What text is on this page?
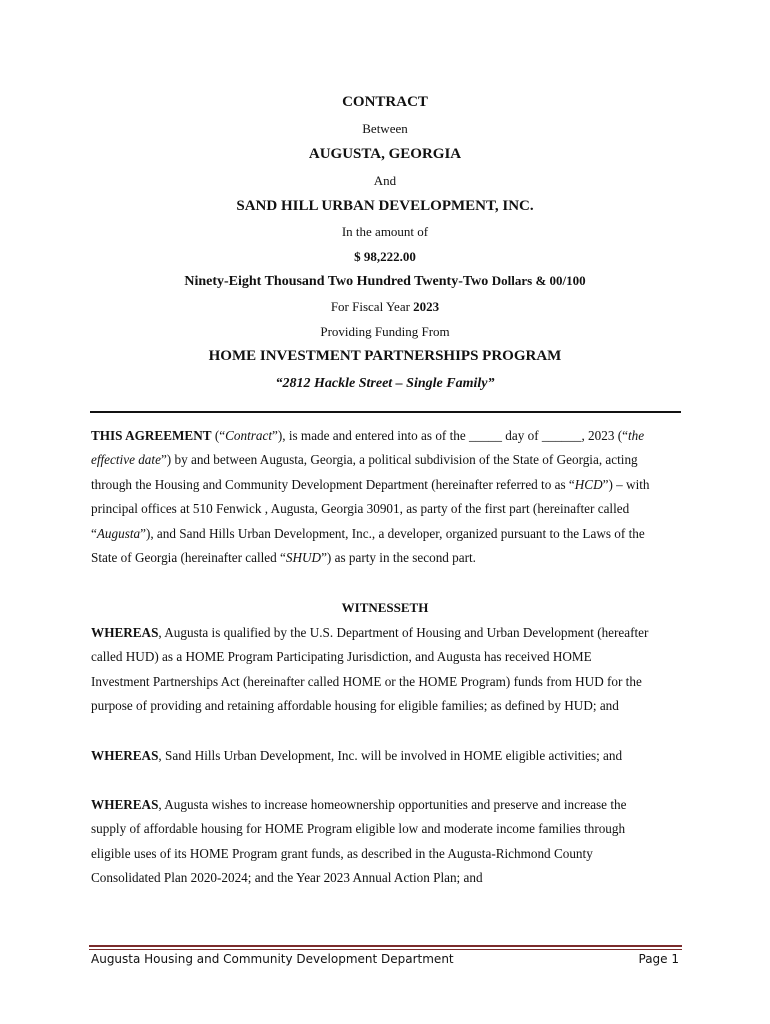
CONTRACT
Between
AUGUSTA, GEORGIA
And
SAND HILL URBAN DEVELOPMENT, INC.
In the amount of
$ 98,222.00
Ninety-Eight Thousand Two Hundred Twenty-Two Dollars & 00/100
For Fiscal Year 2023
Providing Funding From
HOME INVESTMENT PARTNERSHIPS PROGRAM
“2812 Hackle Street – Single Family”
THIS AGREEMENT (“Contract”), is made and entered into as of the _____ day of ______, 2023 (“the
effective date”) by and between Augusta, Georgia, a political subdivision of the State of Georgia, acting
through the Housing and Community Development Department (hereinafter referred to as “HCD”) – with
principal offices at 510 Fenwick , Augusta, Georgia 30901, as party of the first part (hereinafter called
“Augusta”), and Sand Hills Urban Development, Inc., a developer, organized pursuant to the Laws of the
State of Georgia (hereinafter called “SHUD”) as party in the second part.
WITNESSETH
WHEREAS, Augusta is qualified by the U.S. Department of Housing and Urban Development (hereafter
called HUD) as a HOME Program Participating Jurisdiction, and Augusta has received HOME
Investment Partnerships Act (hereinafter called HOME or the HOME Program) funds from HUD for the
purpose of providing and retaining affordable housing for eligible families; as defined by HUD; and
WHEREAS, Sand Hills Urban Development, Inc. will be involved in HOME eligible activities; and
WHEREAS, Augusta wishes to increase homeownership opportunities and preserve and increase the
supply of affordable housing for HOME Program eligible low and moderate income families through
eligible uses of its HOME Program grant funds, as described in the Augusta-Richmond County
Consolidated Plan 2020-2024; and the Year 2023 Annual Action Plan; and
Augusta Housing and Community Development Department	Page 1
